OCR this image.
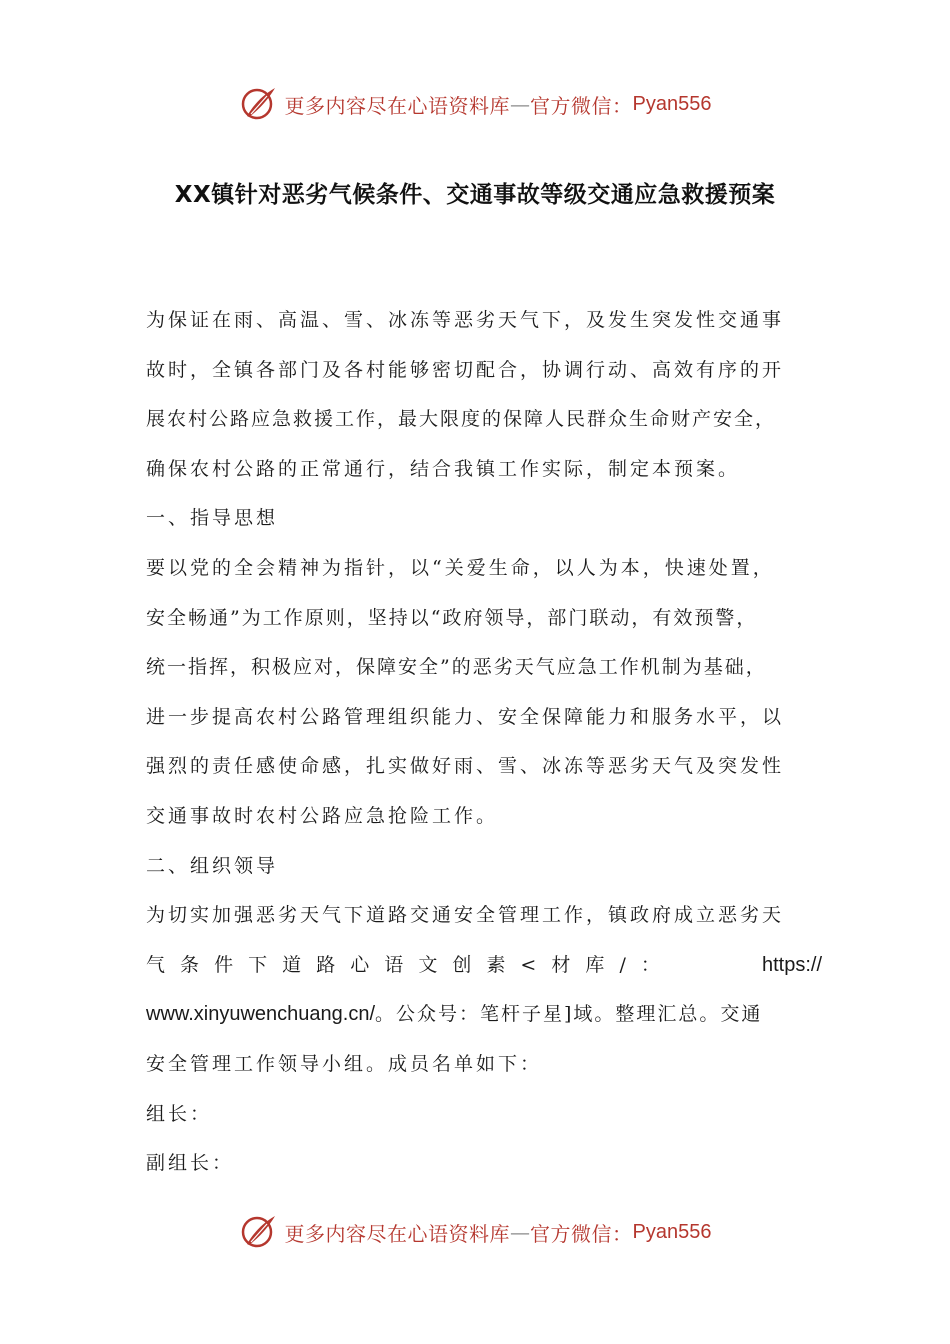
更多内容尽在心语资料库 — 官方微信： Pyan556
XX镇针对恶劣气候条件、交通事故等级交通应急救援预案
为保证在雨、高温、雪、冰冻等恶劣天气下，及发生突发性交通事
故时，全镇各部门及各村能够密切配合，协调行动、高效有序的开
展农村公路应急救援工作，最大限度的保障人民群众生命财产安全，
确保农村公路的正常通行，结合我镇工作实际，制定本预案。
一、指导思想
要以党的全会精神为指针，以“关爱生命，以人为本，快速处置，
安全畅通”为工作原则，坚持以“政府领导，部门联动，有效预警，
统一指挥，积极应对，保障安全”的恶劣天气应急工作机制为基础，
进一步提高农村公路管理组织能力、安全保障能力和服务水平，以
强烈的责任感使命感，扎实做好雨、雪、冰冻等恶劣天气及突发性
交通事故时农村公路应急抢险工作。
二、组织领导
为切实加强恶劣天气下道路交通安全管理工作，镇政府成立恶劣天
气 条 件 下 道 路 心 语 文 创 素 < 材 库 / ：	https://
www.xinyuwenchuang.cn/。公众号：笔杆子星]域。整理汇总。交通
安全管理工作领导小组。成员名单如下：
组长：
副组长：
更多内容尽在心语资料库 — 官方微信： Pyan556
